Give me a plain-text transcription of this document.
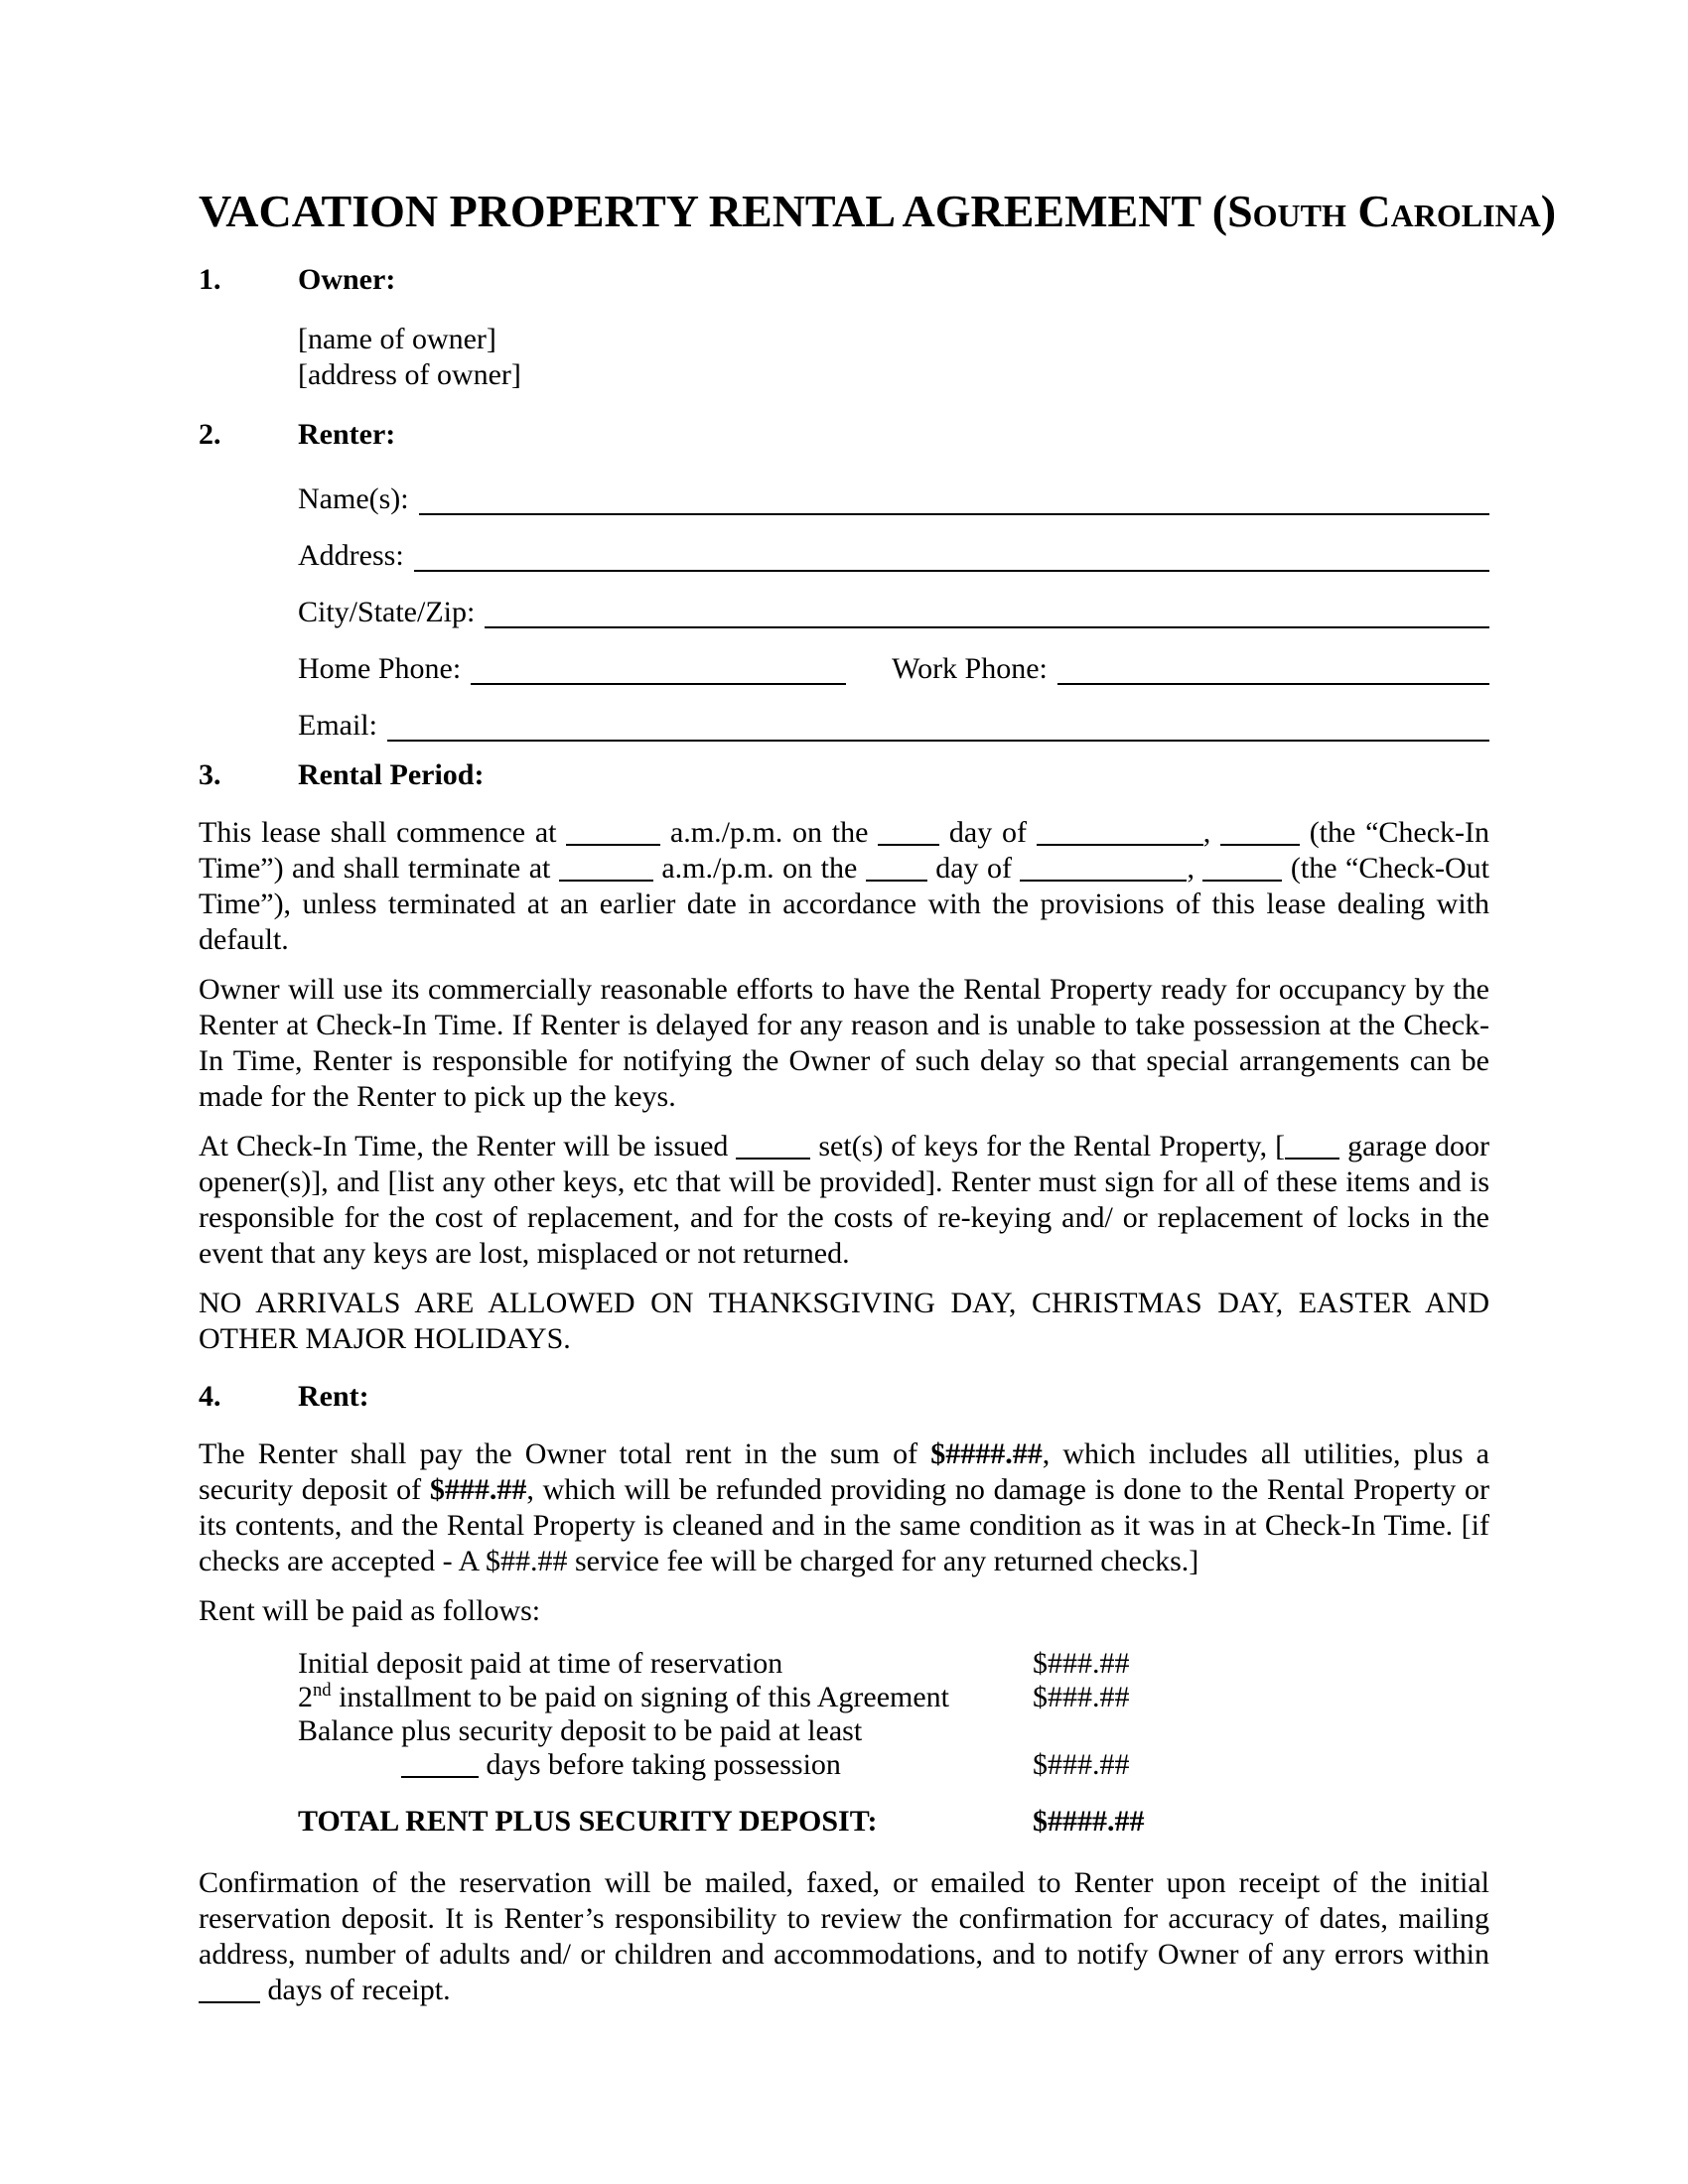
VACATION PROPERTY RENTAL AGREEMENT (South Carolina)
1.	Owner:
[name of owner]
[address of owner]
2.	Renter:
Name(s):
Address:
City/State/Zip:
Home Phone:	Work Phone:
Email:
3.	Rental Period:

This lease shall commence at	a.m./p.m. on the  day of	,	(the “Check-In Time”) and shall terminate at	a.m./p.m. on the  day of	,	(the “Check-Out Time”), unless terminated at an earlier date in accordance with the provisions of this lease dealing with default.

Owner will use its commercially reasonable efforts to have the Rental Property ready for occupancy by the Renter at Check-In Time. If Renter is delayed for any reason and is unable to take possession at the Check-In Time, Renter is responsible for notifying the Owner of such delay so that special arrangements can be made for the Renter to pick up the keys.

At Check-In Time, the Renter will be issued	set(s) of keys for the Rental Property, [ garage door opener(s)], and [list any other keys, etc that will be provided]. Renter must sign for all of these items and is responsible for the cost of replacement, and for the costs of re-keying and/ or replacement of locks in the event that any keys are lost, misplaced or not returned.

NO ARRIVALS ARE ALLOWED ON THANKSGIVING DAY, CHRISTMAS DAY, EASTER AND OTHER MAJOR HOLIDAYS.

4.	Rent:

The Renter shall pay the Owner total rent in the sum of $####.##, which includes all utilities, plus a security deposit of $###.##, which will be refunded providing no damage is done to the Rental Property or its contents, and the Rental Property is cleaned and in the same condition as it was in at Check-In Time. [if checks are accepted - A $##.## service fee will be charged for any returned checks.]

Rent will be paid as follows:

Initial deposit paid at time of reservation	$###.##
2nd installment to be paid on signing of this Agreement	$###.##
Balance plus security deposit to be paid at least
days before taking possession	$###.##
TOTAL RENT PLUS SECURITY DEPOSIT:	$####.##

Confirmation of the reservation will be mailed, faxed, or emailed to Renter upon receipt of the initial reservation deposit. It is Renter’s responsibility to review the confirmation for accuracy of dates, mailing address, number of adults and/ or children and accommodations, and to notify Owner of any errors within  days of receipt.
